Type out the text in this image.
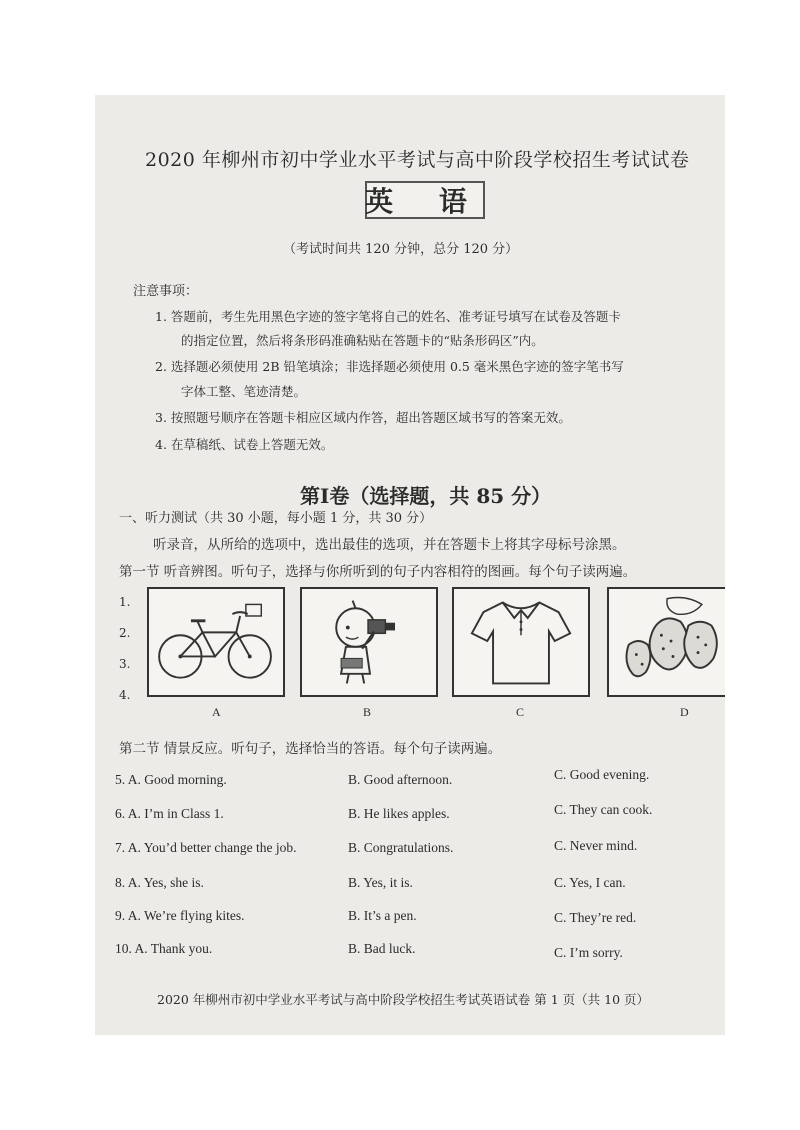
2020 年柳州市初中学业水平考试与高中阶段学校招生考试试卷
英 语
（考试时间共 120 分钟，总分 120 分）
注意事项：
1. 答题前，考生先用黑色字迹的签字笔将自己的姓名、准考证号填写在试卷及答题卡
的指定位置，然后将条形码准确粘贴在答题卡的“贴条形码区”内。
2. 选择题必须使用 2B 铅笔填涂；非选择题必须使用 0.5 毫米黑色字迹的签字笔书写
字体工整、笔迹清楚。
3. 按照题号顺序在答题卡相应区域内作答，超出答题区域书写的答案无效。
4. 在草稿纸、试卷上答题无效。
第Ⅰ卷（选择题，共 85 分）
一、听力测试（共 30 小题，每小题 1 分，共 30 分）
听录音，从所给的选项中，选出最佳的选项，并在答题卡上将其字母标号涂黑。
第一节 听音辨图。听句子，选择与你所听到的句子内容相符的图画。每个句子读两遍。
1.
2.
3.
4.
A	B	C	D
第二节 情景反应。听句子，选择恰当的答语。每个句子读两遍。
5. A. Good morning.	B. Good afternoon.	C. Good evening.
6. A. I’m in Class 1.	B. He likes apples.	C. They can cook.
7. A. You’d better change the job.	B. Congratulations.	C. Never mind.
8. A. Yes, she is.	B. Yes, it is.	C. Yes, I can.
9. A. We’re flying kites.	B. It’s a pen.	C. They’re red.
10. A. Thank you.	B. Bad luck.	C. I’m sorry.
2020 年柳州市初中学业水平考试与高中阶段学校招生考试英语试卷 第 1 页（共 10 页）
